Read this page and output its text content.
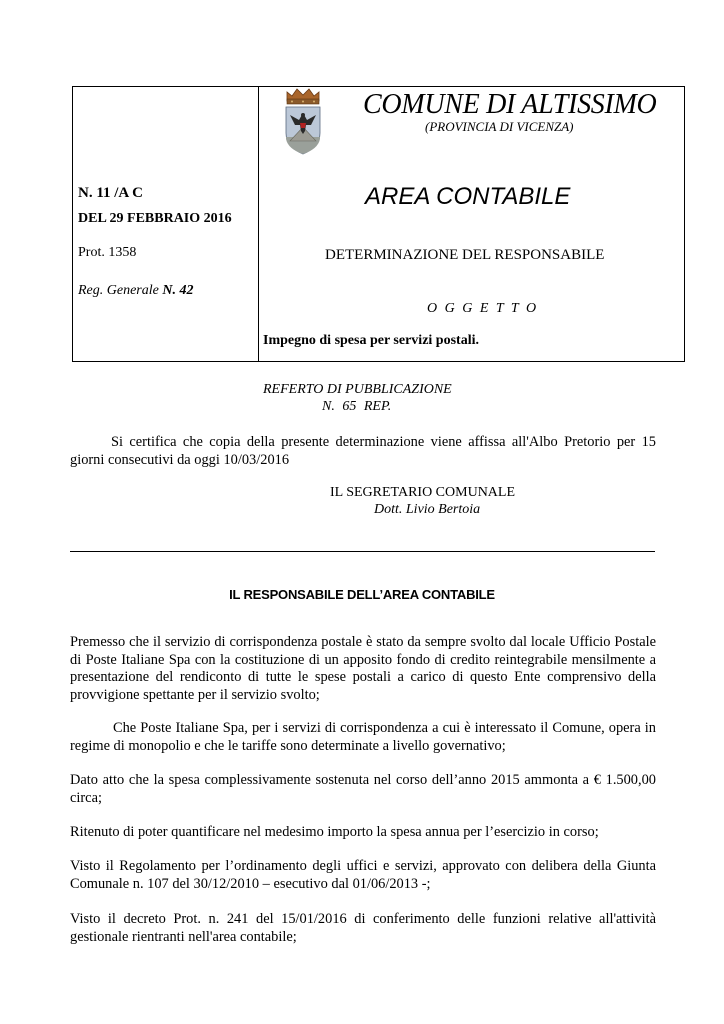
N. 11 /A C
DEL 29 FEBBRAIO 2016
Prot. 1358
Reg. Generale N. 42
COMUNE DI ALTISSIMO
(PROVINCIA DI VICENZA)
AREA CONTABILE
DETERMINAZIONE DEL RESPONSABILE
O G G E T T O
Impegno di spesa per servizi postali.
REFERTO DI PUBBLICAZIONE
N. 65 REP.
Si certifica che copia della presente determinazione viene affissa all'Albo Pretorio per 15 giorni consecutivi da oggi 10/03/2016
IL SEGRETARIO COMUNALE
Dott. Livio Bertoia
IL RESPONSABILE DELL’AREA CONTABILE

Premesso che il servizio di corrispondenza postale è stato da sempre svolto dal locale Ufficio Postale di Poste Italiane Spa con la costituzione di un apposito fondo di credito reintegrabile mensilmente a presentazione del rendiconto di tutte le spese postali a carico di questo Ente comprensivo della provvigione spettante per il servizio svolto;

Che Poste Italiane Spa, per i servizi di corrispondenza a cui è interessato il Comune, opera in regime di monopolio e che le tariffe sono determinate a livello governativo;

Dato atto che la spesa complessivamente sostenuta nel corso dell’anno 2015 ammonta a € 1.500,00 circa;

Ritenuto di poter quantificare nel medesimo importo la spesa annua per l’esercizio in corso;

Visto il Regolamento per l’ordinamento degli uffici e servizi, approvato con delibera della Giunta Comunale n. 107 del 30/12/2010 – esecutivo dal 01/06/2013 -;

Visto il decreto Prot. n. 241 del 15/01/2016 di conferimento delle funzioni relative all'attività gestionale rientranti nell'area contabile;
